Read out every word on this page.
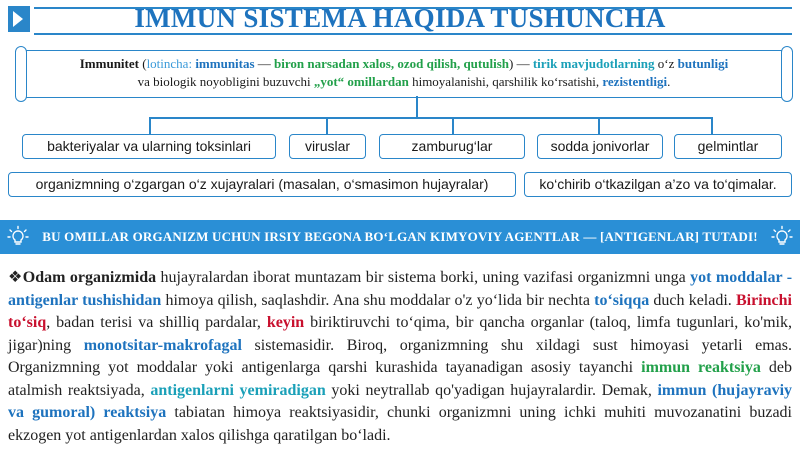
IMMUN SISTEMA HAQIDA TUSHUNCHA
Immunitet (lotincha: immunitas — biron narsadan xalos, ozod qilish, qutulish) — tirik mavjudotlarning o‘z butunligi
va biologik noyobligini buzuvchi „yot“ omillardan himoyalanishi, qarshilik ko‘rsatishi, rezistentligi.
bakteriyalar va ularning toksinlari	viruslar	zamburug‘lar	sodda jonivorlar	gelmintlar
organizmning o‘zgargan o‘z xujayralari (masalan, o‘smasimon hujayralar)	ko‘chirib o‘tkazilgan a’zo va to‘qimalar.
BU OMILLAR ORGANIZM UCHUN IRSIY BEGONA BO‘LGAN KIMYOVIY AGENTLAR — [ANTIGENLAR] TUTADI!
❖Odam organizmida hujayralardan iborat muntazam bir sistema borki, uning vazifasi organizmni unga yot moddalar - antigenlar tushishidan himoya qilish, saqlashdir. Ana shu moddalar o'z yo‘lida bir nechta to‘siqqa duch keladi. Birinchi to‘siq, badan terisi va shilliq pardalar, keyin biriktiruvchi to‘qima, bir qancha organlar (taloq, limfa tugunlari, ko'mik, jigar)ning monotsitar-makrofagal sistemasidir. Biroq, organizmning shu xildagi sust himoyasi yetarli emas. Organizmning yot moddalar yoki antigenlarga qarshi kurashida tayanadigan asosiy tayanchi immun reaktsiya deb atalmish reaktsiyada, antigenlarni yemiradigan yoki neytrallab qo'yadigan hujayralardir. Demak, immun (hujayraviy va gumoral) reaktsiya tabiatan himoya reaktsiyasidir, chunki organizmni uning ichki muhiti muvozanatini buzadi ekzogen yot antigenlardan xalos qilishga qaratilgan bo‘ladi.
